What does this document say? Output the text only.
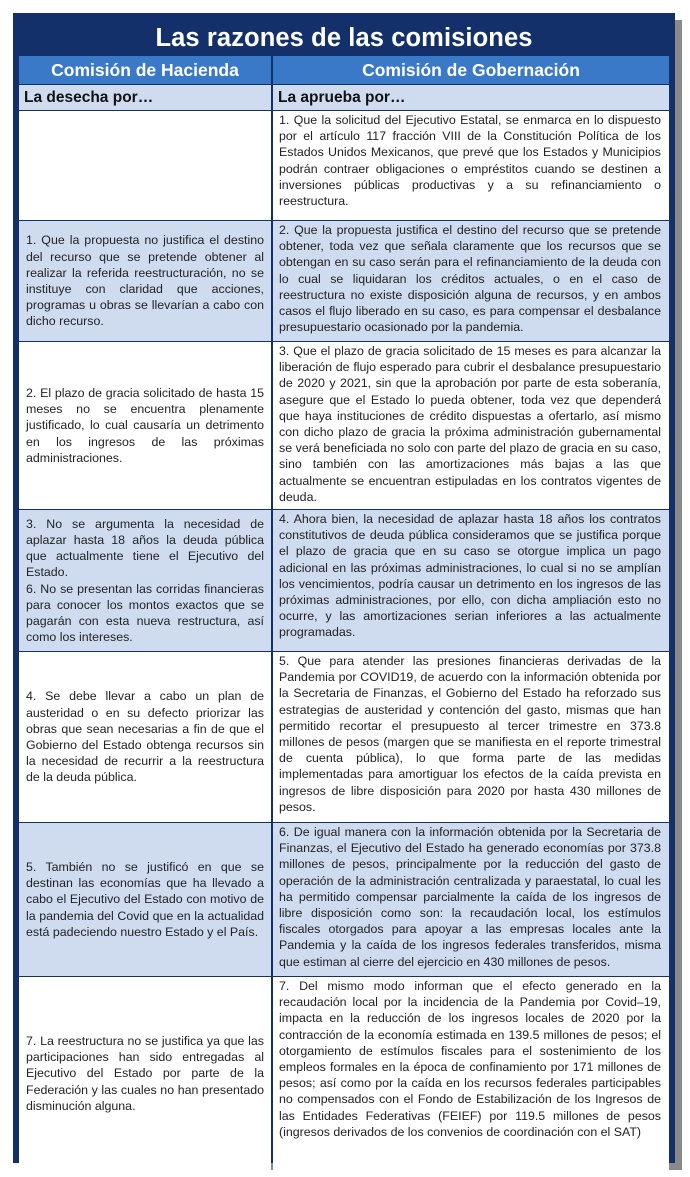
Las razones de las comisiones
Comisión de Hacienda	Comisión de Gobernación
La desecha por…	La aprueba por…
1. Que la solicitud del Ejecutivo Estatal, se enmarca en lo dispuesto por el artículo 117 fracción VIII de la Constitución Política de los Estados Unidos Mexicanos, que prevé que los Estados y Municipios podrán contraer obligaciones o empréstitos cuando se destinen a inversiones públicas productivas y a su refinanciamiento o reestructura.
1. Que la propuesta no justifica el destino del recurso que se pretende obtener al realizar la referida reestructuración, no se instituye con claridad que acciones, programas u obras se llevarían a cabo con dicho recurso.
2. Que la propuesta justifica el destino del recurso que se pretende obtener, toda vez que señala claramente que los recursos que se obtengan en su caso serán para el refinanciamiento de la deuda con lo cual se liquidaran los créditos actuales, o en el caso de reestructura no existe disposición alguna de recursos, y en ambos casos el flujo liberado en su caso, es para compensar el desbalance presupuestario ocasionado por la pandemia.
2. El plazo de gracia solicitado de hasta 15 meses no se encuentra plenamente justificado, lo cual causaría un detrimento en los ingresos de las próximas administraciones.
3. Que el plazo de gracia solicitado de 15 meses es para alcanzar la liberación de flujo esperado para cubrir el desbalance presupuestario de 2020 y 2021, sin que la aprobación por parte de esta soberanía, asegure que el Estado lo pueda obtener, toda vez que dependerá que haya instituciones de crédito dispuestas a ofertarlo, así mismo con dicho plazo de gracia la próxima administración gubernamental se verá beneficiada no solo con parte del plazo de gracia en su caso, sino también con las amortizaciones más bajas a las que actualmente se encuentran estipuladas en los contratos vigentes de deuda.
3. No se argumenta la necesidad de aplazar hasta 18 años la deuda pública que actualmente tiene el Ejecutivo del Estado.
6. No se presentan las corridas financieras para conocer los montos exactos que se pagarán con esta nueva restructura, así como los intereses.
4. Ahora bien, la necesidad de aplazar hasta 18 años los contratos constitutivos de deuda pública consideramos que se justifica porque el plazo de gracia que en su caso se otorgue implica un pago adicional en las próximas administraciones, lo cual si no se amplían los vencimientos, podría causar un detrimento en los ingresos de las próximas administraciones, por ello, con dicha ampliación esto no ocurre, y las amortizaciones serian inferiores a las actualmente programadas.
4. Se debe llevar a cabo un plan de austeridad o en su defecto priorizar las obras que sean necesarias a fin de que el Gobierno del Estado obtenga recursos sin la necesidad de recurrir a la reestructura de la deuda pública.
5. Que para atender las presiones financieras derivadas de la Pandemia por COVID19, de acuerdo con la información obtenida por la Secretaria de Finanzas, el Gobierno del Estado ha reforzado sus estrategias de austeridad y contención del gasto, mismas que han permitido recortar el presupuesto al tercer trimestre en 373.8 millones de pesos (margen que se manifiesta en el reporte trimestral de cuenta pública), lo que forma parte de las medidas implementadas para amortiguar los efectos de la caída prevista en ingresos de libre disposición para 2020 por hasta 430 millones de pesos.
5. También no se justificó en que se destinan las economías que ha llevado a cabo el Ejecutivo del Estado con motivo de la pandemia del Covid que en la actualidad está padeciendo nuestro Estado y el País.
6. De igual manera con la información obtenida por la Secretaria de Finanzas, el Ejecutivo del Estado ha generado economías por 373.8 millones de pesos, principalmente por la reducción del gasto de operación de la administración centralizada y paraestatal, lo cual les ha permitido compensar parcialmente la caída de los ingresos de libre disposición como son: la recaudación local, los estímulos fiscales otorgados para apoyar a las empresas locales ante la Pandemia y la caída de los ingresos federales transferidos, misma que estiman al cierre del ejercicio en 430 millones de pesos.
7. La reestructura no se justifica ya que las participaciones han sido entregadas al Ejecutivo del Estado por parte de la Federación y las cuales no han presentado disminución alguna.
7. Del mismo modo informan que el efecto generado en la recaudación local por la incidencia de la Pandemia por Covid–19, impacta en la reducción de los ingresos locales de 2020 por la contracción de la economía estimada en 139.5 millones de pesos; el otorgamiento de estímulos fiscales para el sostenimiento de los empleos formales en la época de confinamiento por 171 millones de pesos; así como por la caída en los recursos federales participables no compensados con el Fondo de Estabilización de los Ingresos de las Entidades Federativas (FEIEF) por 119.5 millones de pesos (ingresos derivados de los convenios de coordinación con el SAT)
